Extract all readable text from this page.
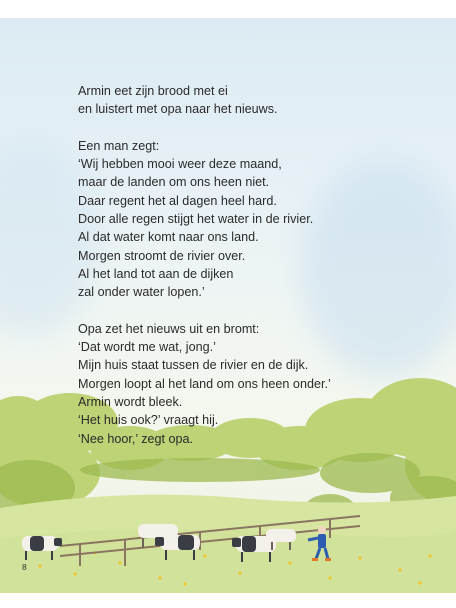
Armin eet zijn brood met ei
en luistert met opa naar het nieuws.
Een man zegt:
‘Wij hebben mooi weer deze maand,
maar de landen om ons heen niet.
Daar regent het al dagen heel hard.
Door alle regen stijgt het water in de rivier.
Al dat water komt naar ons land.
Morgen stroomt de rivier over.
Al het land tot aan de dijken
zal onder water lopen.’
Opa zet het nieuws uit en bromt:
‘Dat wordt me wat, jong.’
Mijn huis staat tussen de rivier en de dijk.
Morgen loopt al het land om ons heen onder.’
Armin wordt bleek.
‘Het huis ook?’ vraagt hij.
‘Nee hoor,’ zegt opa.
8
